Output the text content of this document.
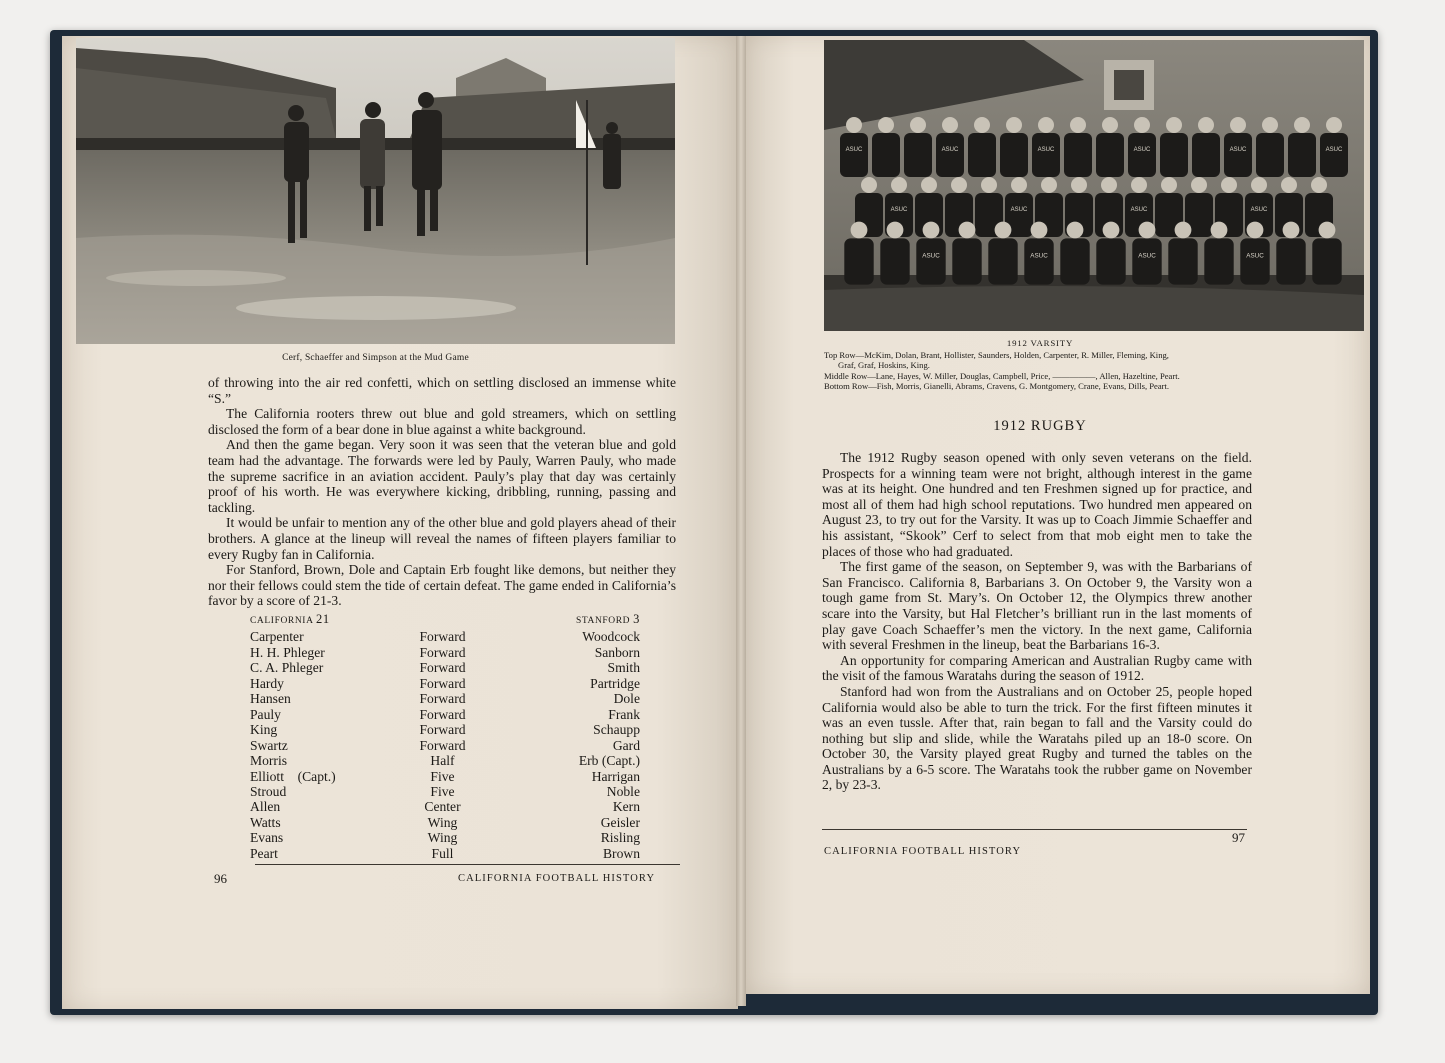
Cerf, Schaeffer and Simpson at the Mud Game

of throwing into the air red confetti, which on settling disclosed an immense white “S.”

The California rooters threw out blue and gold streamers, which on settling disclosed the form of a bear done in blue against a white background.

And then the game began. Very soon it was seen that the veteran blue and gold team had the advantage. The forwards were led by Pauly, Warren Pauly, who made the supreme sacrifice in an aviation accident. Pauly’s play that day was certainly proof of his worth. He was everywhere kicking, dribbling, running, passing and tackling.

It would be unfair to mention any of the other blue and gold players ahead of their brothers. A glance at the lineup will reveal the names of fifteen players familiar to every Rugby fan in California.

For Stanford, Brown, Dole and Captain Erb fought like demons, but neither they nor their fellows could stem the tide of certain defeat. The game ended in California’s favor by a score of 21-3.

CALIFORNIA 21	STANFORD 3
Carpenter	Forward	Woodcock
H. H. Phleger	Forward	Sanborn
C. A. Phleger	Forward	Smith
Hardy	Forward	Partridge
Hansen	Forward	Dole
Pauly	Forward	Frank
King	Forward	Schaupp
Swartz	Forward	Gard
Morris	Half	Erb (Capt.)
Elliott    (Capt.)	Five	Harrigan
Stroud	Five	Noble
Allen	Center	Kern
Watts	Wing	Geisler
Evans	Wing	Risling
Peart	Full	Brown
96	CALIFORNIA FOOTBALL HISTORY
ASUC	ASUC	ASUC	ASUC	ASUC	ASUC
ASUC	ASUC	ASUC	ASUC
ASUC	ASUC	ASUC	ASUC
1912 VARSITY

Top Row—McKim, Dolan, Brant, Hollister, Saunders, Holden, Carpenter, R. Miller, Fleming, King,

Graf, Graf, Hoskins, King.

Middle Row—Lane, Hayes, W. Miller, Douglas, Campbell, Price, —————, Allen, Hazeltine, Peart.

Bottom Row—Fish, Morris, Gianelli, Abrams, Cravens, G. Montgomery, Crane, Evans, Dills, Peart.

1912 RUGBY

The 1912 Rugby season opened with only seven veterans on the field. Prospects for a winning team were not bright, although interest in the game was at its height. One hundred and ten Freshmen signed up for practice, and most all of them had high school reputations. Two hundred men appeared on August 23, to try out for the Varsity. It was up to Coach Jimmie Schaeffer and his assistant, “Skook” Cerf to select from that mob eight men to take the places of those who had graduated.

The first game of the season, on September 9, was with the Barbarians of San Francisco. California 8, Barbarians 3. On October 9, the Varsity won a tough game from St. Mary’s. On October 12, the Olympics threw another scare into the Varsity, but Hal Fletcher’s brilliant run in the last moments of play gave Coach Schaeffer’s men the victory. In the next game, California with several Freshmen in the lineup, beat the Barbarians 16-3.

An opportunity for comparing American and Australian Rugby came with the visit of the famous Waratahs during the season of 1912.

Stanford had won from the Australians and on October 25, people hoped California would also be able to turn the trick. For the first fifteen minutes it was an even tussle. After that, rain began to fall and the Varsity could do nothing but slip and slide, while the Waratahs piled up an 18-0 score. On October 30, the Varsity played great Rugby and turned the tables on the Australians by a 6-5 score. The Waratahs took the rubber game on November 2, by 23-3.

CALIFORNIA FOOTBALL HISTORY
97
